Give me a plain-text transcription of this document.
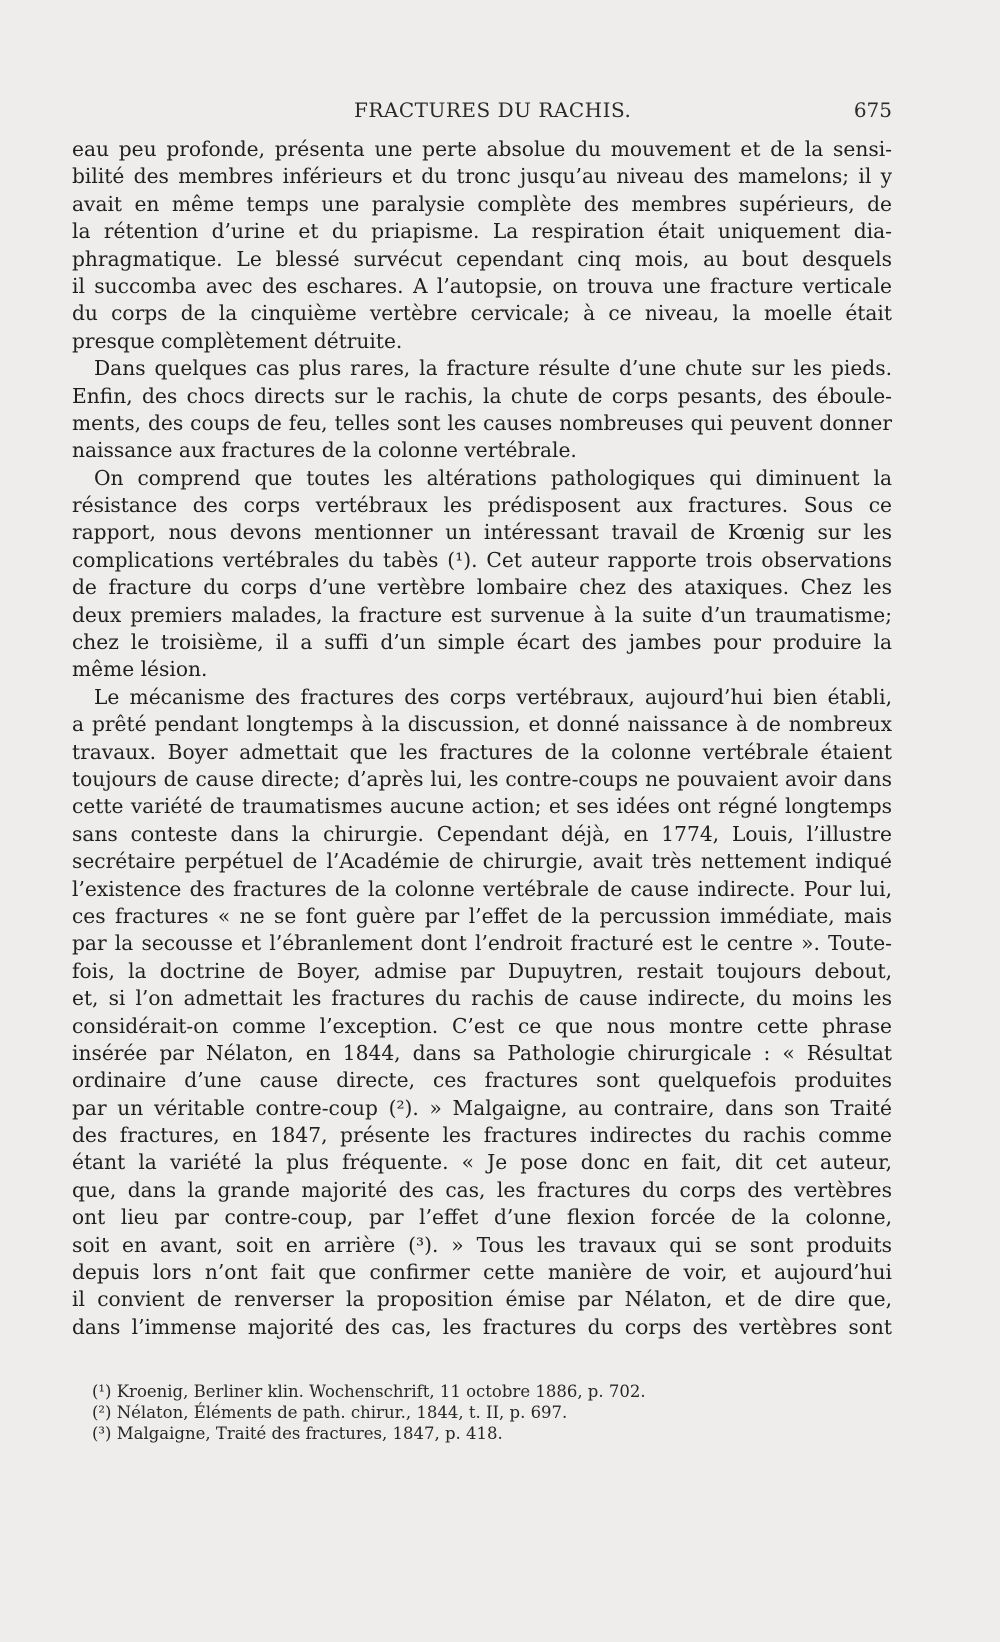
FRACTURES DU RACHIS.	675
eau peu profonde, présenta une perte absolue du mouvement et de la sensi-
bilité des membres inférieurs et du tronc jusqu’au niveau des mamelons; il y
avait en même temps une paralysie complète des membres supérieurs, de
la rétention d’urine et du priapisme. La respiration était uniquement dia-
phragmatique. Le blessé survécut cependant cinq mois, au bout desquels
il succomba avec des eschares. A l’autopsie, on trouva une fracture verticale
du corps de la cinquième vertèbre cervicale; à ce niveau, la moelle était
presque complètement détruite.
Dans quelques cas plus rares, la fracture résulte d’une chute sur les pieds.
Enfin, des chocs directs sur le rachis, la chute de corps pesants, des éboule-
ments, des coups de feu, telles sont les causes nombreuses qui peuvent donner
naissance aux fractures de la colonne vertébrale.
On comprend que toutes les altérations pathologiques qui diminuent la
résistance des corps vertébraux les prédisposent aux fractures. Sous ce
rapport, nous devons mentionner un intéressant travail de Krœnig sur les
complications vertébrales du tabès (¹). Cet auteur rapporte trois observations
de fracture du corps d’une vertèbre lombaire chez des ataxiques. Chez les
deux premiers malades, la fracture est survenue à la suite d’un traumatisme;
chez le troisième, il a suffi d’un simple écart des jambes pour produire la
même lésion.
Le mécanisme des fractures des corps vertébraux, aujourd’hui bien établi,
a prêté pendant longtemps à la discussion, et donné naissance à de nombreux
travaux. Boyer admettait que les fractures de la colonne vertébrale étaient
toujours de cause directe; d’après lui, les contre-coups ne pouvaient avoir dans
cette variété de traumatismes aucune action; et ses idées ont régné longtemps
sans conteste dans la chirurgie. Cependant déjà, en 1774, Louis, l’illustre
secrétaire perpétuel de l’Académie de chirurgie, avait très nettement indiqué
l’existence des fractures de la colonne vertébrale de cause indirecte. Pour lui,
ces fractures « ne se font guère par l’effet de la percussion immédiate, mais
par la secousse et l’ébranlement dont l’endroit fracturé est le centre ». Toute-
fois, la doctrine de Boyer, admise par Dupuytren, restait toujours debout,
et, si l’on admettait les fractures du rachis de cause indirecte, du moins les
considérait-on comme l’exception. C’est ce que nous montre cette phrase
insérée par Nélaton, en 1844, dans sa Pathologie chirurgicale : « Résultat
ordinaire d’une cause directe, ces fractures sont quelquefois produites
par un véritable contre-coup (²). » Malgaigne, au contraire, dans son Traité
des fractures, en 1847, présente les fractures indirectes du rachis comme
étant la variété la plus fréquente. « Je pose donc en fait, dit cet auteur,
que, dans la grande majorité des cas, les fractures du corps des vertèbres
ont lieu par contre-coup, par l’effet d’une flexion forcée de la colonne,
soit en avant, soit en arrière (³). » Tous les travaux qui se sont produits
depuis lors n’ont fait que confirmer cette manière de voir, et aujourd’hui
il convient de renverser la proposition émise par Nélaton, et de dire que,
dans l’immense majorité des cas, les fractures du corps des vertèbres sont
(¹) Kroenig, Berliner klin. Wochenschrift, 11 octobre 1886, p. 702.
(²) Nélaton, Éléments de path. chirur., 1844, t. II, p. 697.
(³) Malgaigne, Traité des fractures, 1847, p. 418.
